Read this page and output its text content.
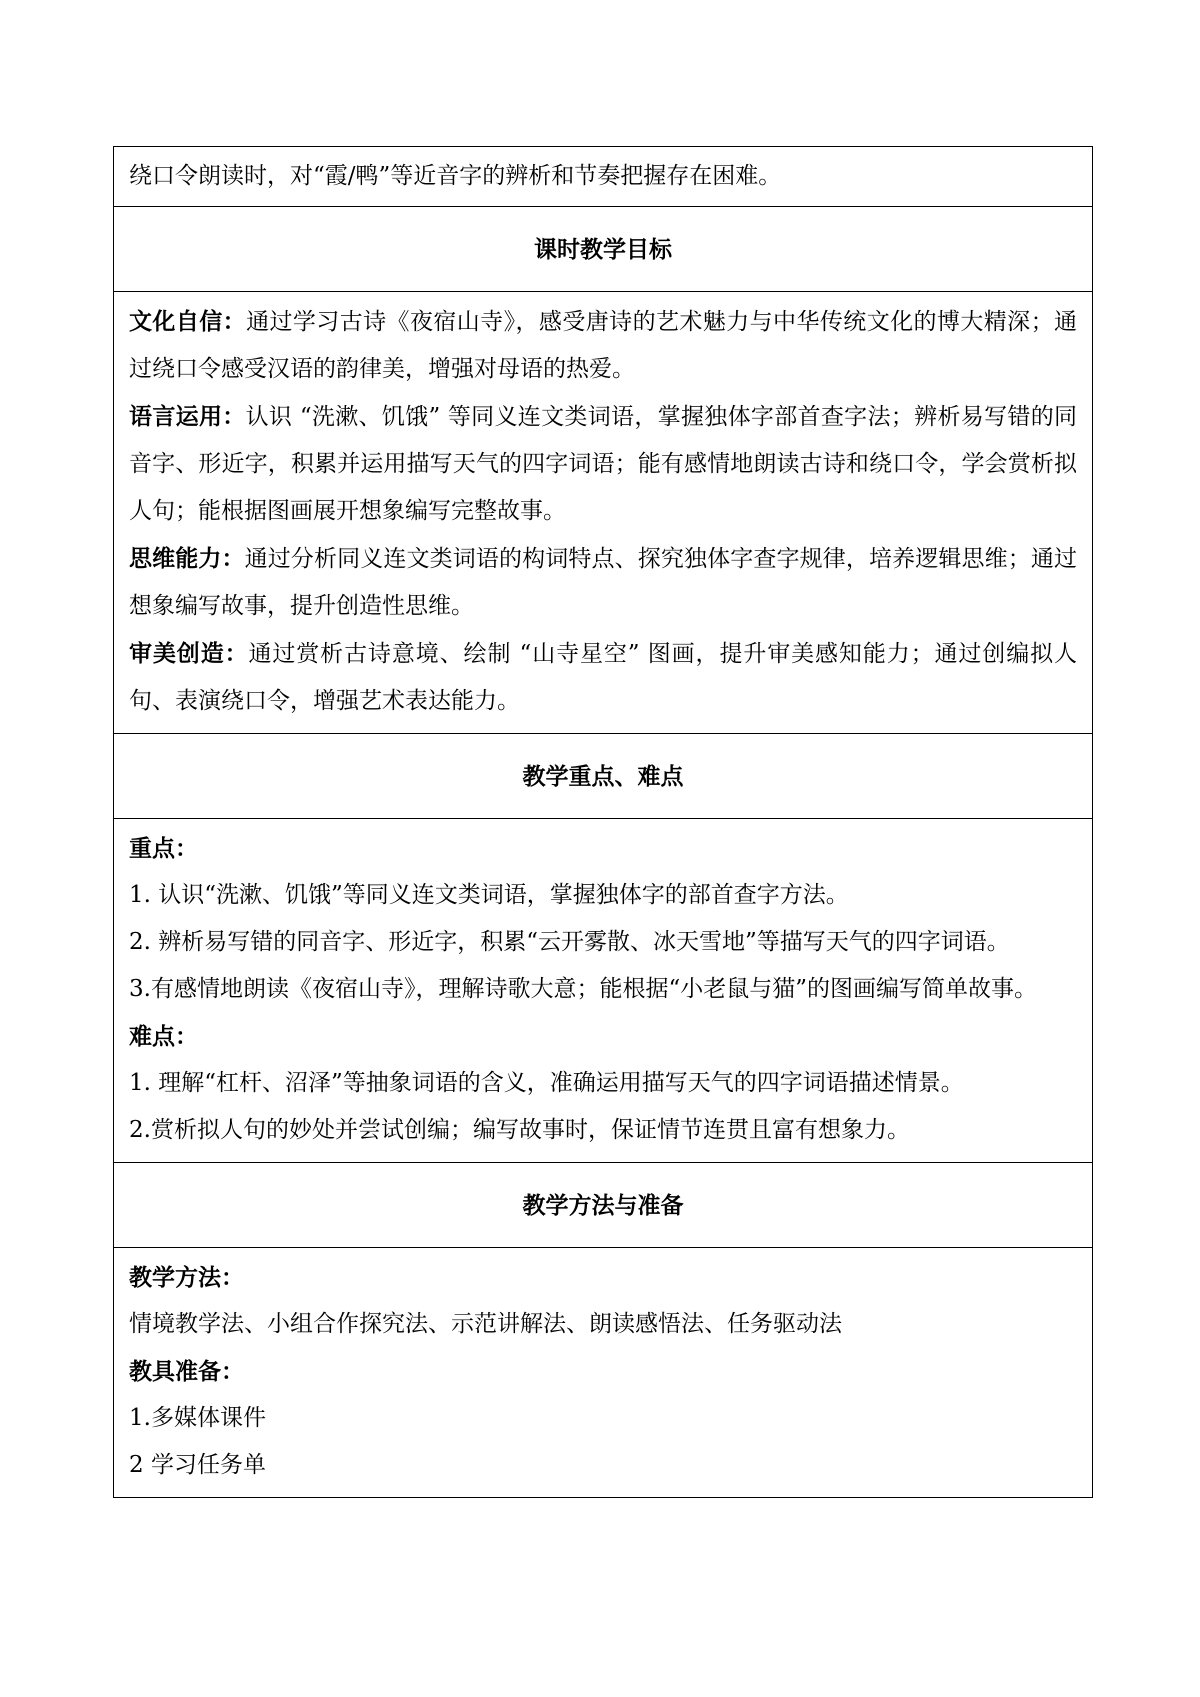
绕口令朗读时，对“霞/鸭”等近音字的辨析和节奏把握存在困难。

课时教学目标

文化自信：通过学习古诗《夜宿山寺》，感受唐诗的艺术魅力与中华传统文化的博大精深；通过绕口令感受汉语的韵律美，增强对母语的热爱。

语言运用：认识 “洗漱、饥饿” 等同义连文类词语，掌握独体字部首查字法；辨析易写错的同音字、形近字，积累并运用描写天气的四字词语；能有感情地朗读古诗和绕口令，学会赏析拟人句；能根据图画展开想象编写完整故事。

思维能力：通过分析同义连文类词语的构词特点、探究独体字查字规律，培养逻辑思维；通过想象编写故事，提升创造性思维。

审美创造：通过赏析古诗意境、绘制 “山寺星空” 图画，提升审美感知能力；通过创编拟人句、表演绕口令，增强艺术表达能力。

教学重点、难点

重点：

1. 认识“洗漱、饥饿”等同义连文类词语，掌握独体字的部首查字方法。

2. 辨析易写错的同音字、形近字，积累“云开雾散、冰天雪地”等描写天气的四字词语。

3.有感情地朗读《夜宿山寺》，理解诗歌大意；能根据“小老鼠与猫”的图画编写简单故事。

难点：

1. 理解“杠杆、沼泽”等抽象词语的含义，准确运用描写天气的四字词语描述情景。

2.赏析拟人句的妙处并尝试创编；编写故事时，保证情节连贯且富有想象力。

教学方法与准备

教学方法：

情境教学法、小组合作探究法、示范讲解法、朗读感悟法、任务驱动法

教具准备：

1.多媒体课件

2 学习任务单
